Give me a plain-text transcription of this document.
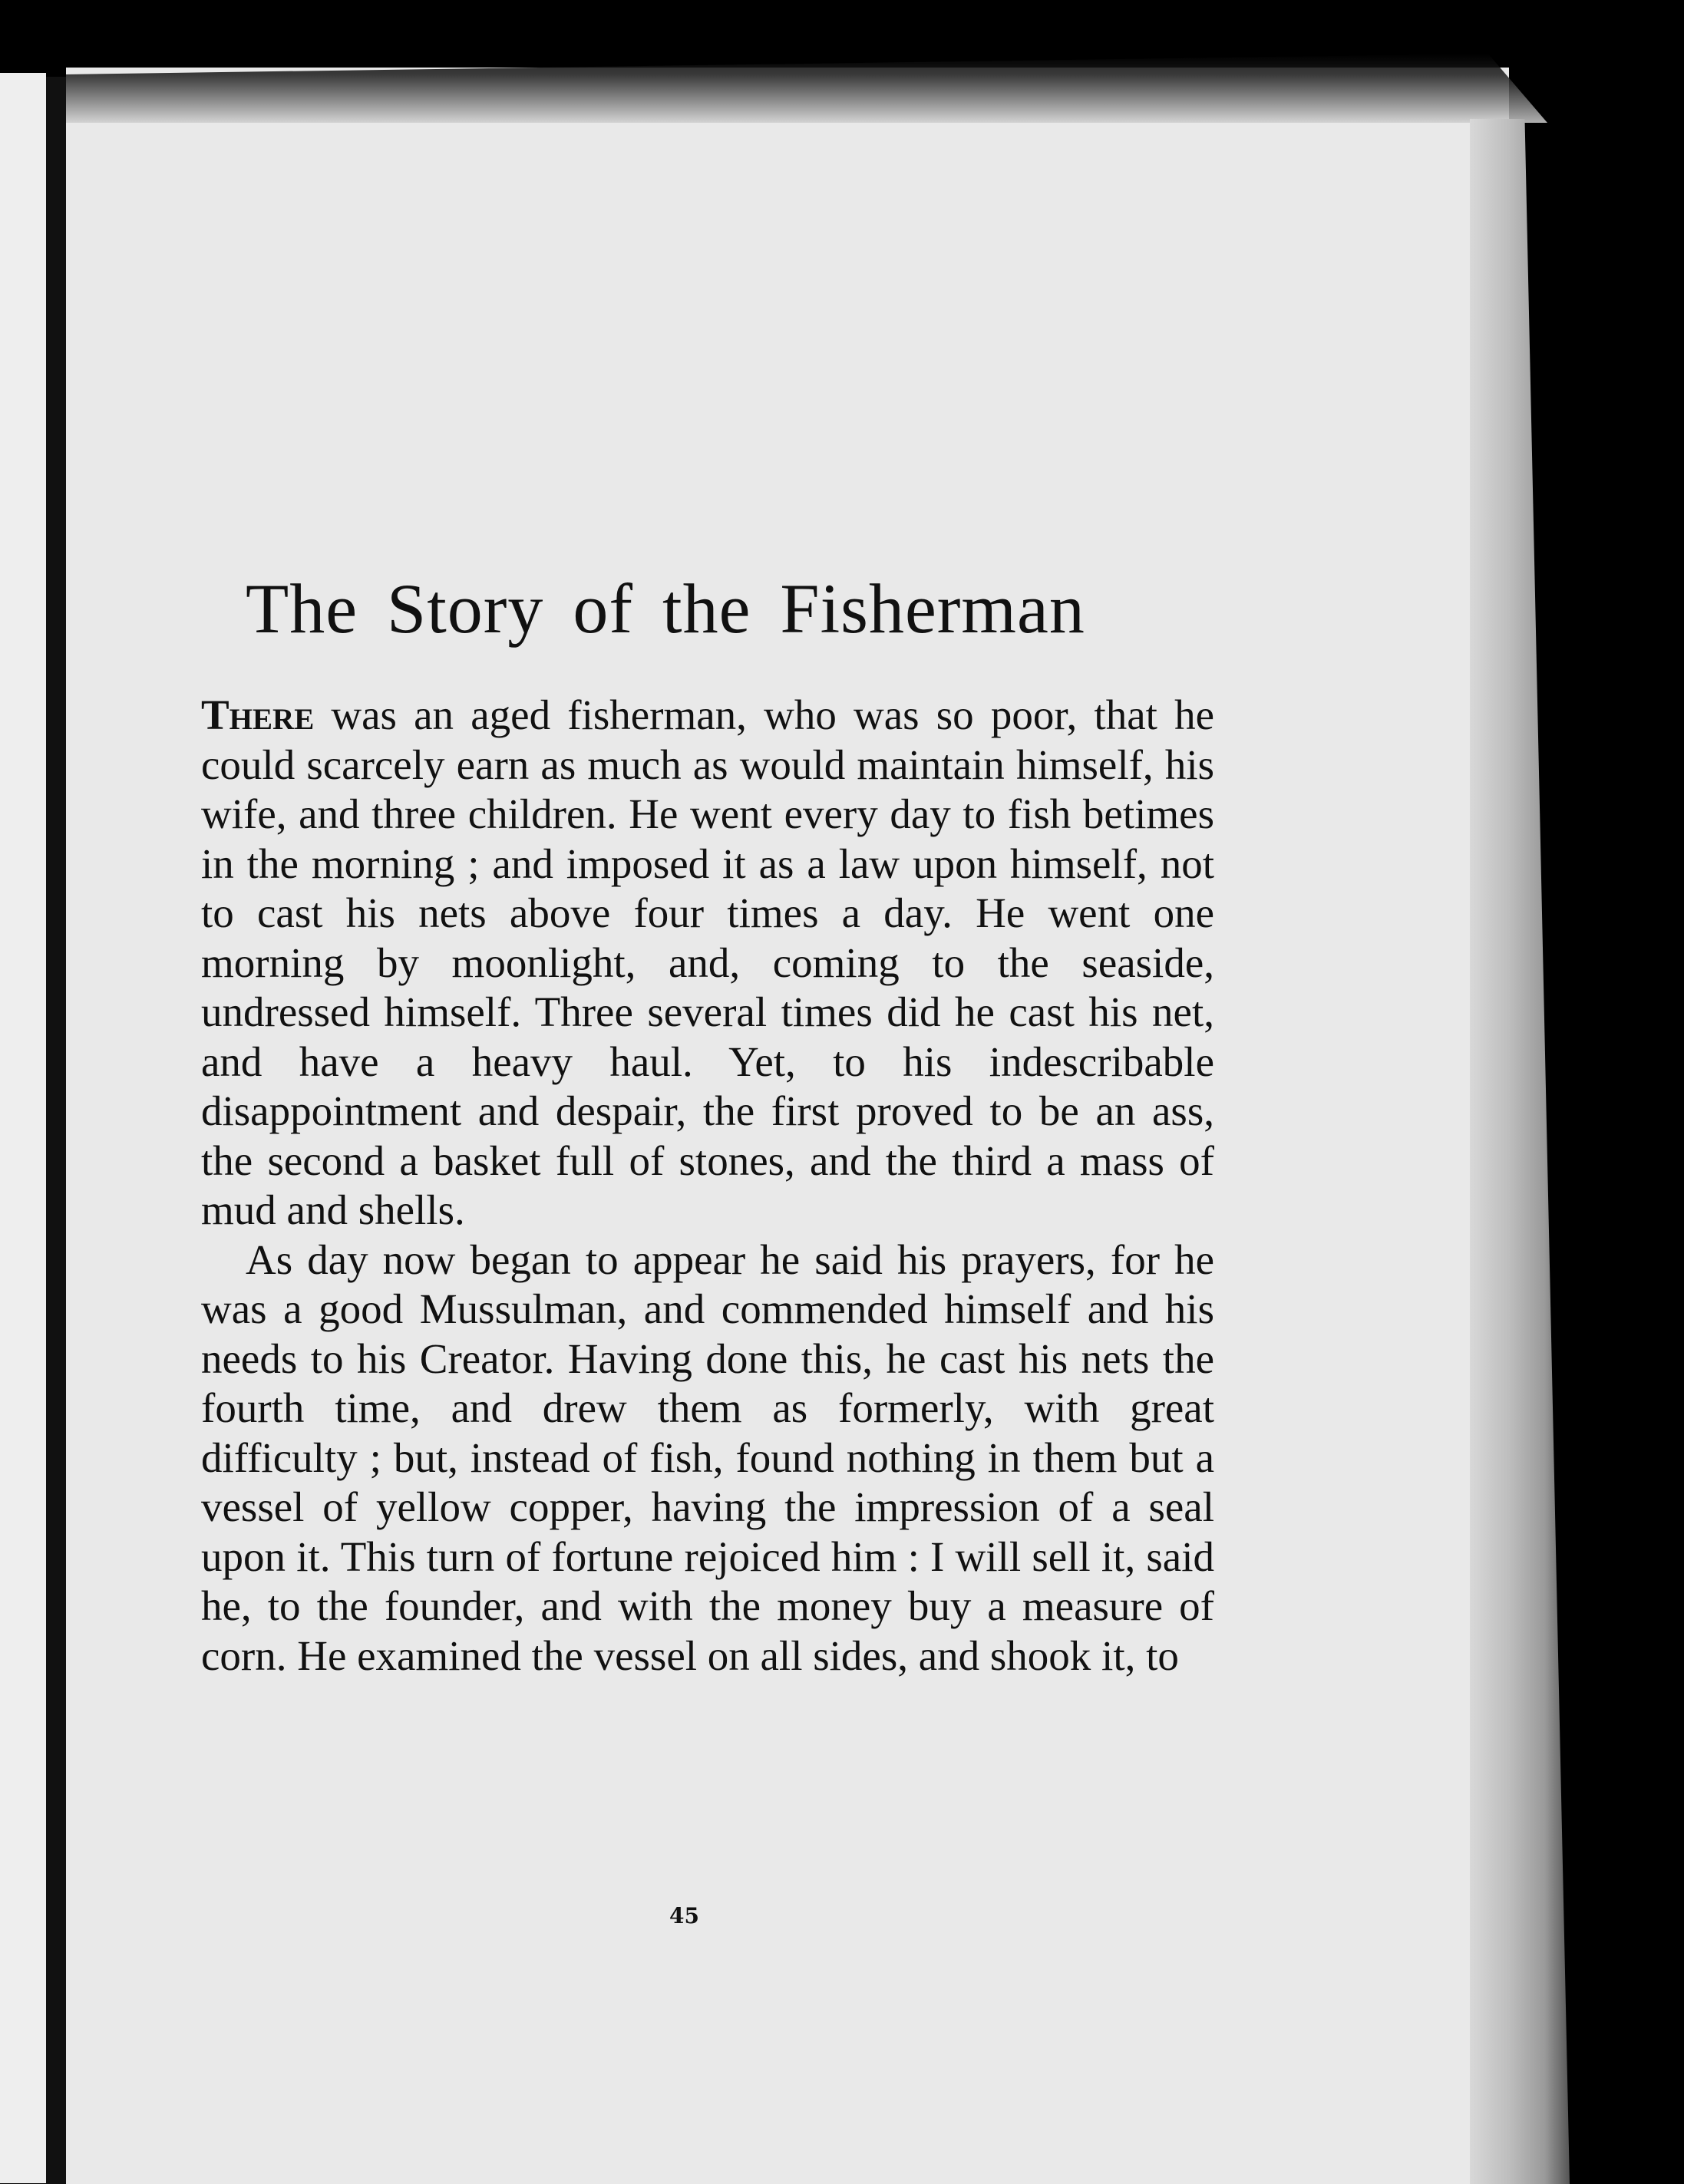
The Story of the Fisherman

There was an aged fisherman, who was so poor, that he could scarcely earn as much as would maintain himself, his wife, and three children. He went every day to fish betimes in the morning ; and imposed it as a law upon himself, not to cast his nets above four times a day. He went one morning by moonlight, and, coming to the seaside, undressed himself. Three several times did he cast his net, and have a heavy haul. Yet, to his indescribable disappointment and despair, the first proved to be an ass, the second a basket full of stones, and the third a mass of mud and shells.

As day now began to appear he said his prayers, for he was a good Mussulman, and commended himself and his needs to his Creator. Having done this, he cast his nets the fourth time, and drew them as formerly, with great difficulty ; but, instead of fish, found nothing in them but a vessel of yellow copper, having the impression of a seal upon it. This turn of fortune rejoiced him : I will sell it, said he, to the founder, and with the money buy a measure of corn. He examined the vessel on all sides, and shook it, to

45
